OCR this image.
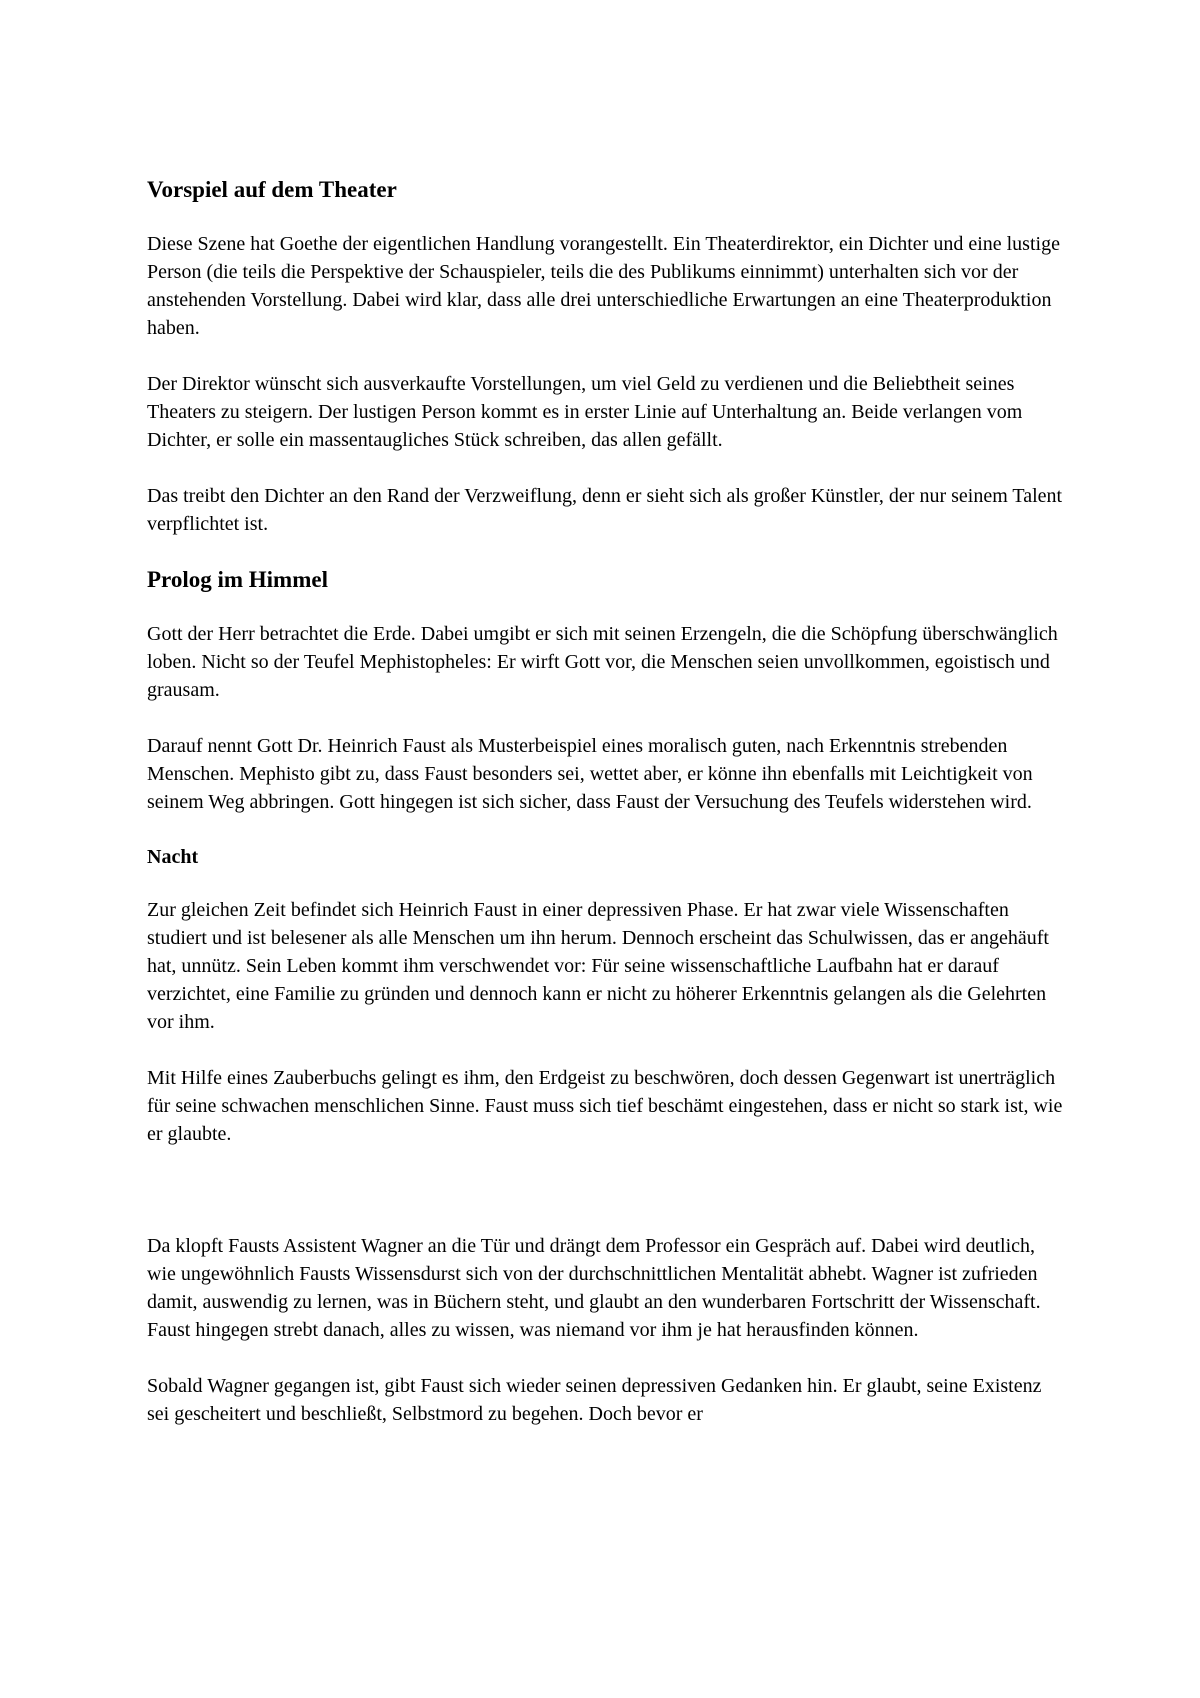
Vorspiel auf dem Theater

Diese Szene hat Goethe der eigentlichen Handlung vorangestellt. Ein Theaterdirektor, ein Dichter und eine lustige Person (die teils die Perspektive der Schauspieler, teils die des Publikums einnimmt) unterhalten sich vor der anstehenden Vorstellung. Dabei wird klar, dass alle drei unterschiedliche Erwartungen an eine Theaterproduktion haben.

Der Direktor wünscht sich ausverkaufte Vorstellungen, um viel Geld zu verdienen und die Beliebtheit seines Theaters zu steigern. Der lustigen Person kommt es in erster Linie auf Unterhaltung an. Beide verlangen vom Dichter, er solle ein massentaugliches Stück schreiben, das allen gefällt.

Das treibt den Dichter an den Rand der Verzweiflung, denn er sieht sich als großer Künstler, der nur seinem Talent verpflichtet ist.

Prolog im Himmel

Gott der Herr betrachtet die Erde. Dabei umgibt er sich mit seinen Erzengeln, die die Schöpfung überschwänglich loben. Nicht so der Teufel Mephistopheles: Er wirft Gott vor, die Menschen seien unvollkommen, egoistisch und grausam.

Darauf nennt Gott Dr. Heinrich Faust als Musterbeispiel eines moralisch guten, nach Erkenntnis strebenden Menschen. Mephisto gibt zu, dass Faust besonders sei, wettet aber, er könne ihn ebenfalls mit Leichtigkeit von seinem Weg abbringen. Gott hingegen ist sich sicher, dass Faust der Versuchung des Teufels widerstehen wird.

Nacht

Zur gleichen Zeit befindet sich Heinrich Faust in einer depressiven Phase. Er hat zwar viele Wissenschaften studiert und ist belesener als alle Menschen um ihn herum. Dennoch erscheint das Schulwissen, das er angehäuft hat, unnütz. Sein Leben kommt ihm verschwendet vor: Für seine wissenschaftliche Laufbahn hat er darauf verzichtet, eine Familie zu gründen und dennoch kann er nicht zu höherer Erkenntnis gelangen als die Gelehrten vor ihm.

Mit Hilfe eines Zauberbuchs gelingt es ihm, den Erdgeist zu beschwören, doch dessen Gegenwart ist unerträglich für seine schwachen menschlichen Sinne. Faust muss sich tief beschämt eingestehen, dass er nicht so stark ist, wie er glaubte.

Da klopft Fausts Assistent Wagner an die Tür und drängt dem Professor ein Gespräch auf. Dabei wird deutlich, wie ungewöhnlich Fausts Wissensdurst sich von der durchschnittlichen Mentalität abhebt. Wagner ist zufrieden damit, auswendig zu lernen, was in Büchern steht, und glaubt an den wunderbaren Fortschritt der Wissenschaft. Faust hingegen strebt danach, alles zu wissen, was niemand vor ihm je hat herausfinden können.

Sobald Wagner gegangen ist, gibt Faust sich wieder seinen depressiven Gedanken hin. Er glaubt, seine Existenz sei gescheitert und beschließt, Selbstmord zu begehen. Doch bevor er
